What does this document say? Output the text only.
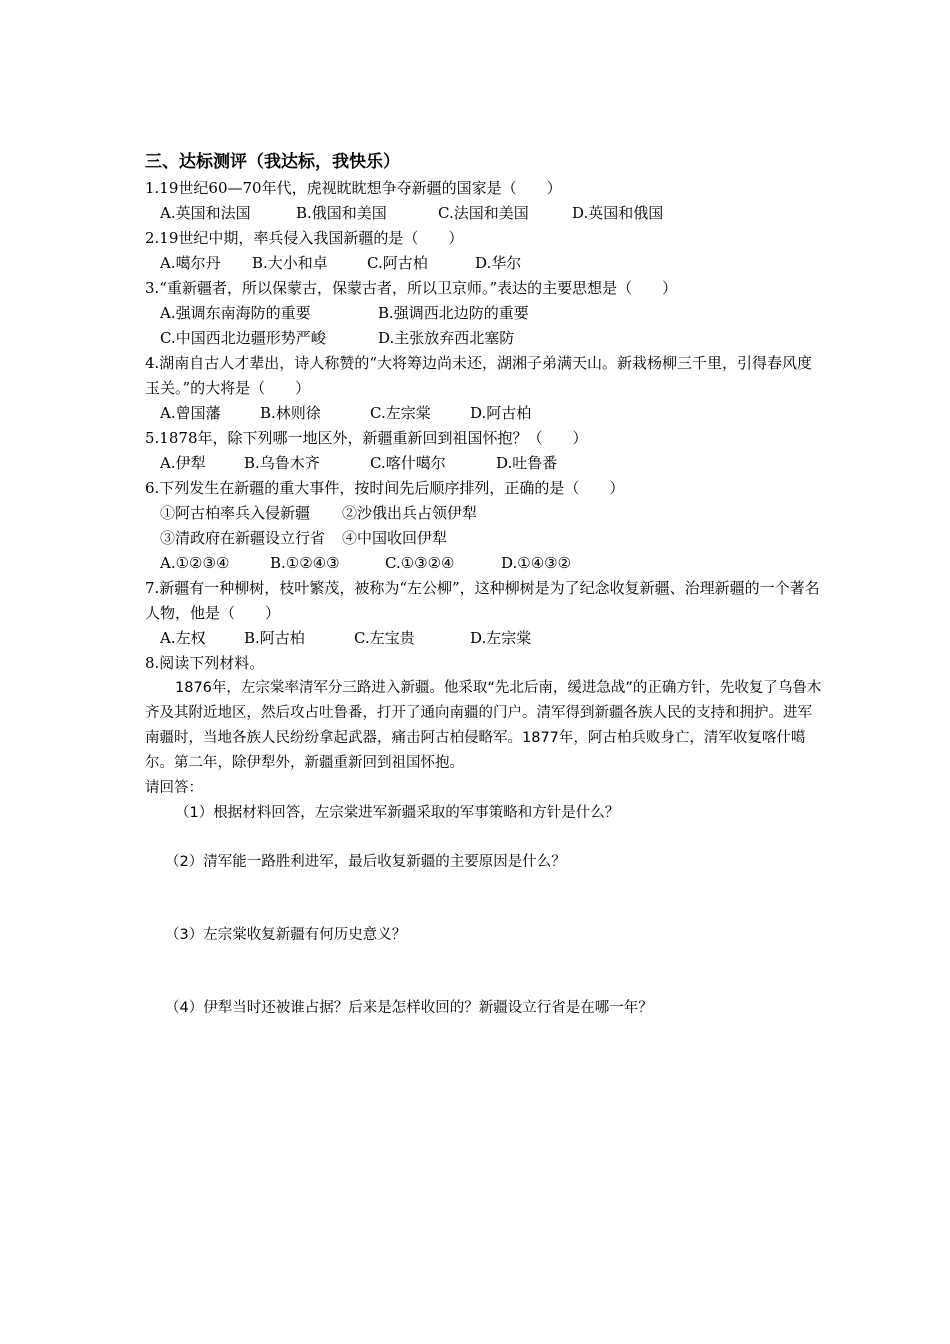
三、达标测评（我达标，我快乐）
1.19世纪60—70年代，虎视眈眈想争夺新疆的国家是（　　）
A.英国和法国	B.俄国和美国	C.法国和美国	D.英国和俄国
2.19世纪中期，率兵侵入我国新疆的是（　　）
A.噶尔丹 B.大小和卓	C.阿古柏	D.华尔
3.“重新疆者，所以保蒙古，保蒙古者，所以卫京师。”表达的主要思想是（　　）
A.强调东南海防的重要	B.强调西北边防的重要
C.中国西北边疆形势严峻	D.主张放弃西北塞防
4.湖南自古人才辈出，诗人称赞的“大将筹边尚未还，湖湘子弟满天山。新栽杨柳三千里，引得春风度玉关。”的大将是（　　）
A.曾国藩	B.林则徐	C.左宗棠	D.阿古柏
5.1878年，除下列哪一地区外，新疆重新回到祖国怀抱？（　　）
A.伊犁	B.乌鲁木齐	C.喀什噶尔	D.吐鲁番
6.下列发生在新疆的重大事件，按时间先后顺序排列，正确的是（　　）
①阿古柏率兵入侵新疆 ②沙俄出兵占领伊犁
③清政府在新疆设立行省 ④中国收回伊犁
A.①②③④	B.①②④③	C.①③②④	D.①④③②
7.新疆有一种柳树，枝叶繁茂，被称为“左公柳”，这种柳树是为了纪念收复新疆、治理新疆的一个著名人物，他是（　　）
A.左权	B.阿古柏	C.左宝贵	D.左宗棠
8.阅读下列材料。
1876年，左宗棠率清军分三路进入新疆。他采取“先北后南，缓进急战”的正确方针，先收复了乌鲁木齐及其附近地区，然后攻占吐鲁番，打开了通向南疆的门户。清军得到新疆各族人民的支持和拥护。进军南疆时，当地各族人民纷纷拿起武器，痛击阿古柏侵略军。1877年，阿古柏兵败身亡，清军收复喀什噶尔。第二年，除伊犁外，新疆重新回到祖国怀抱。
请回答：
（1）根据材料回答，左宗棠进军新疆采取的军事策略和方针是什么？
（2）清军能一路胜利进军，最后收复新疆的主要原因是什么？
（3）左宗棠收复新疆有何历史意义？
（4）伊犁当时还被谁占据？后来是怎样收回的？新疆设立行省是在哪一年？
